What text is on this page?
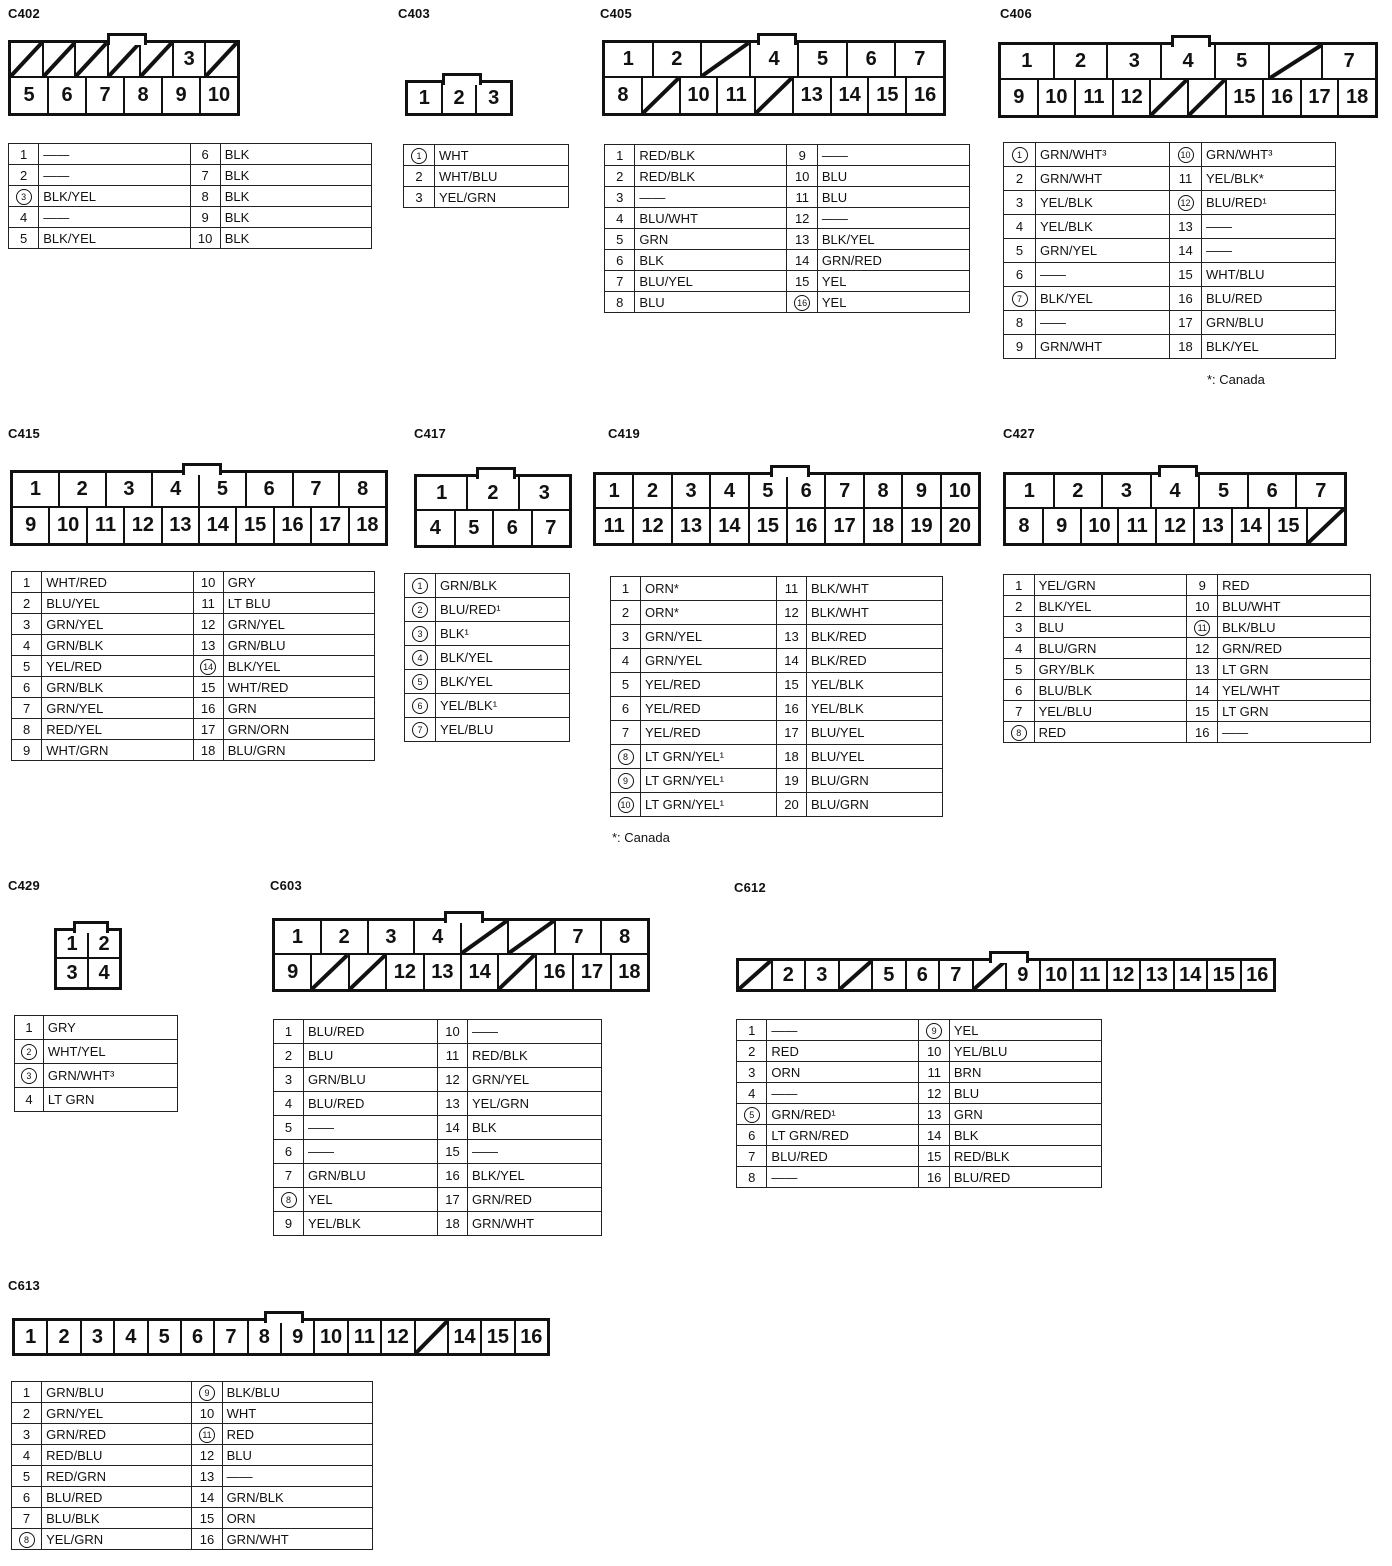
C402
3
5 6 7 8 9 10
1	——	6	BLK
2	——	7	BLK
3	BLK/YEL	8	BLK
4	——	9	BLK
5	BLK/YEL	10	BLK
C403
1 2 3
1	WHT
2	WHT/BLU
3	YEL/GRN
C405
1 2	4 5 6 7
8	10 11	13 14 15 16
1	RED/BLK	9	——
2	RED/BLK	10	BLU
3	——	11	BLU
4	BLU/WHT	12	——
5	GRN	13	BLK/YEL
6	BLK	14	GRN/RED
7	BLU/YEL	15	YEL
8	BLU	16	YEL
C406
1 2 3 4 5	7
9 10 11 12	15 16 17 18
1	GRN/WHT³	10	GRN/WHT³
2	GRN/WHT	11	YEL/BLK*
3	YEL/BLK	12	BLU/RED¹
4	YEL/BLK	13	——
5	GRN/YEL	14	——
6	——	15	WHT/BLU
7	BLK/YEL	16	BLU/RED
8	——	17	GRN/BLU
9	GRN/WHT	18	BLK/YEL
*: Canada
C415
1 2 3 4 5 6 7 8
9 10 11 12 13 14 15 16 17 18
1	WHT/RED	10	GRY
2	BLU/YEL	11	LT BLU
3	GRN/YEL	12	GRN/YEL
4	GRN/BLK	13	GRN/BLU
5	YEL/RED	14	BLK/YEL
6	GRN/BLK	15	WHT/RED
7	GRN/YEL	16	GRN
8	RED/YEL	17	GRN/ORN
9	WHT/GRN	18	BLU/GRN
C417
1 2 3
4 5 6 7
1	GRN/BLK
2	BLU/RED¹
3	BLK¹
4	BLK/YEL
5	BLK/YEL
6	YEL/BLK¹
7	YEL/BLU
C419
1 2 3 4 5 6 7 8 9 10
11 12 13 14 15 16 17 18 19 20
1	ORN*	11	BLK/WHT
2	ORN*	12	BLK/WHT
3	GRN/YEL	13	BLK/RED
4	GRN/YEL	14	BLK/RED
5	YEL/RED	15	YEL/BLK
6	YEL/RED	16	YEL/BLK
7	YEL/RED	17	BLU/YEL
8	LT GRN/YEL¹	18	BLU/YEL
9	LT GRN/YEL¹	19	BLU/GRN
10	LT GRN/YEL¹	20	BLU/GRN
*: Canada
C427
1 2 3 4 5 6 7
8 9 10 11 12 13 14 15
1	YEL/GRN	9	RED
2	BLK/YEL	10	BLU/WHT
3	BLU	11	BLK/BLU
4	BLU/GRN	12	GRN/RED
5	GRY/BLK	13	LT GRN
6	BLU/BLK	14	YEL/WHT
7	YEL/BLU	15	LT GRN
8	RED	16	——
C429
1 2
3 4
1	GRY
2	WHT/YEL
3	GRN/WHT³
4	LT GRN
C603
1 2 3 4	7 8
9	12 13 14	16 17 18
1	BLU/RED	10	——
2	BLU	11	RED/BLK
3	GRN/BLU	12	GRN/YEL
4	BLU/RED	13	YEL/GRN
5	——	14	BLK
6	——	15	——
7	GRN/BLU	16	BLK/YEL
8	YEL	17	GRN/RED
9	YEL/BLK	18	GRN/WHT
C612
2 3	5 6 7	9 10 11 12 13 14 15 16
1	——	9	YEL
2	RED	10	YEL/BLU
3	ORN	11	BRN
4	——	12	BLU
5	GRN/RED¹	13	GRN
6	LT GRN/RED	14	BLK
7	BLU/RED	15	RED/BLK
8	——	16	BLU/RED
C613
1 2 3 4 5 6 7 8 9 10 11 12 14 15 16
1	GRN/BLU	9	BLK/BLU
2	GRN/YEL	10	WHT
3	GRN/RED	11	RED
4	RED/BLU	12	BLU
5	RED/GRN	13	——
6	BLU/RED	14	GRN/BLK
7	BLU/BLK	15	ORN
8	YEL/GRN	16	GRN/WHT
